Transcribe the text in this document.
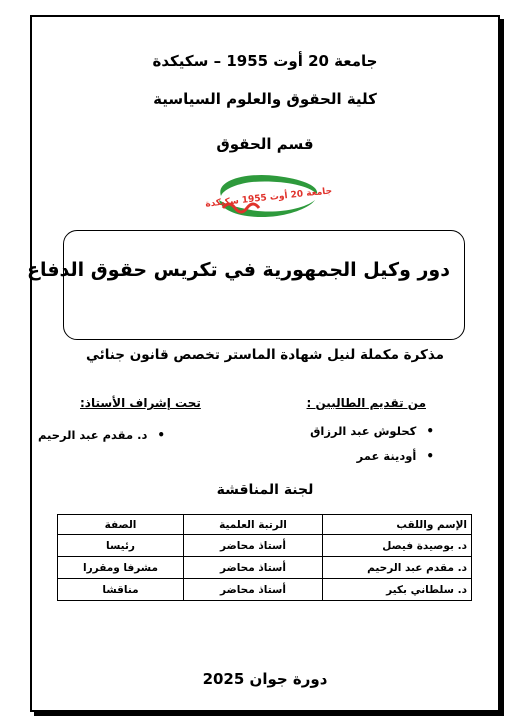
جامعة 20 أوت 1955 – سكيكدة
كلية الحقوق والعلوم السياسية
قسم الحقوق
جامعة 20 أوت 1955 سكيكدة
دور وكيل الجمهورية في تكريس حقوق الدفاع
مذكرة مكملة لنيل شهادة الماستر تخصص قانون جنائي
من تقديم الطالبين :
تحت إشراف الأستاذ:
•كحلوش عبد الرزاق
•أودينة عمر
•د. مقدم عبد الرحيم
لجنة المناقشة
الإسم واللقب	الرتبة العلمية	الصفة
د. بوصيدة فيصل	أستاذ محاضر	رئيسا
د. مقدم عبد الرحيم	أستاذ محاضر	مشرفا ومقررا
د. سلطاني بكير	أستاذ محاضر	مناقشا
دورة جوان 2025
